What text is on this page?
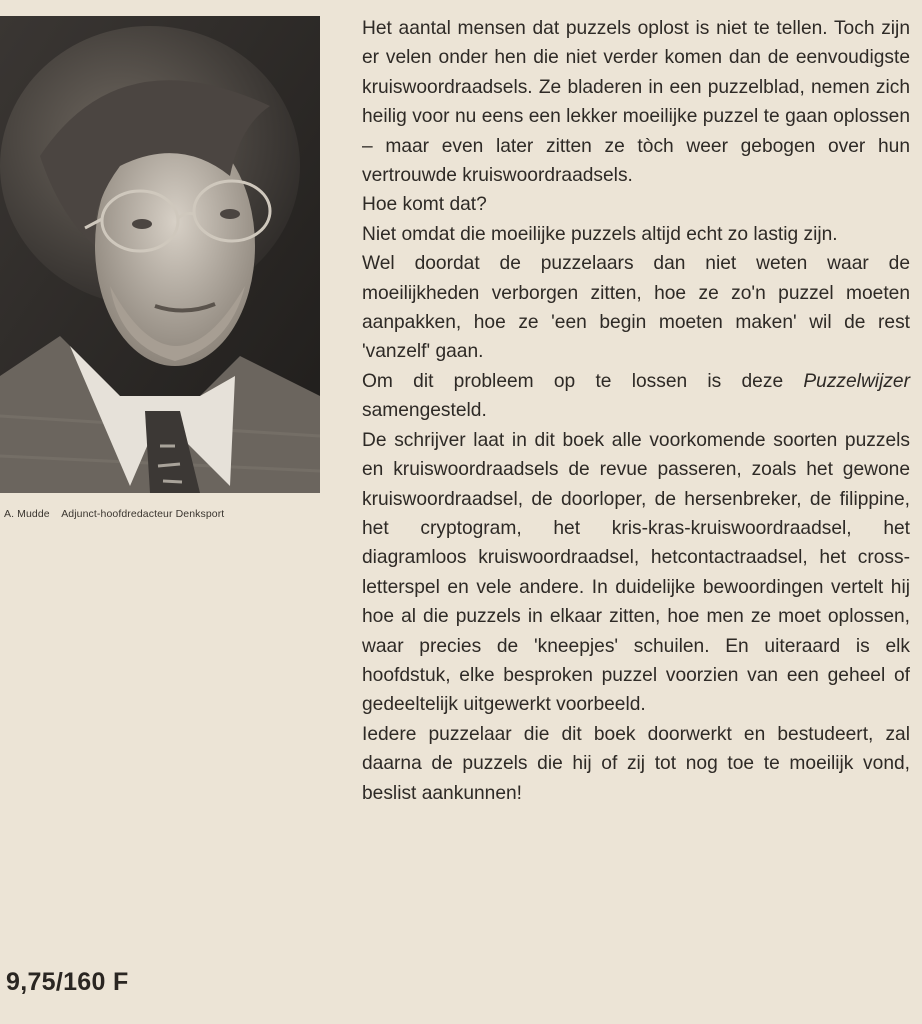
A. Mudde Adjunct-hoofdredacteur Denksport
9,75/160 F

Het aantal mensen dat puzzels oplost is niet te tellen. Toch zijn er velen onder hen die niet verder komen dan de eenvoudigste kruiswoordraadsels. Ze bladeren in een puzzelblad, nemen zich heilig voor nu eens een lekker moeilijke puzzel te gaan oplossen – maar even later zitten ze tòch weer gebogen over hun vertrouwde kruiswoordraadsels.

Hoe komt dat?

Niet omdat die moeilijke puzzels altijd echt zo lastig zijn.

Wel doordat de puzzelaars dan niet weten waar de moeilijkheden verborgen zitten, hoe ze zo'n puzzel moeten aanpakken, hoe ze 'een begin moeten maken' wil de rest 'vanzelf' gaan.

Om dit probleem op te lossen is deze Puzzelwijzer samengesteld.

De schrijver laat in dit boek alle voorkomende soorten puzzels en kruiswoordraadsels de revue passeren, zoals het gewone kruiswoordraadsel, de doorloper, de hersenbreker, de filippine, het cryptogram, het kris-kras-kruiswoordraadsel, het diagramloos kruiswoordraadsel, hetcontactraadsel, het cross-letterspel en vele andere. In duidelijke bewoordingen vertelt hij hoe al die puzzels in elkaar zitten, hoe men ze moet oplossen, waar precies de 'kneepjes' schuilen. En uiteraard is elk hoofdstuk, elke besproken puzzel voorzien van een geheel of gedeeltelijk uitgewerkt voorbeeld.

Iedere puzzelaar die dit boek doorwerkt en bestudeert, zal daarna de puzzels die hij of zij tot nog toe te moeilijk vond, beslist aankunnen!
